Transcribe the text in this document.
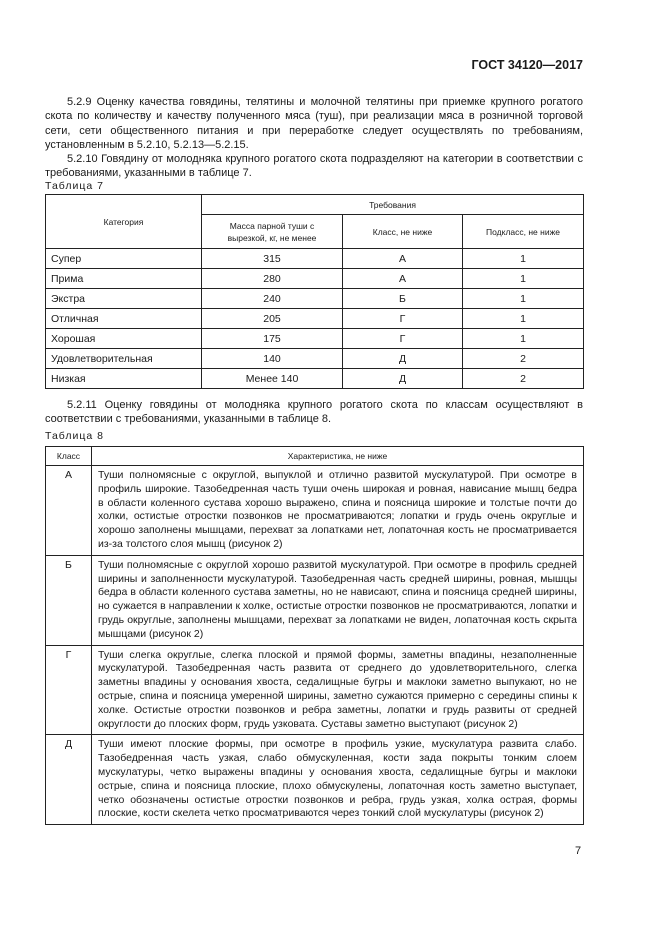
ГОСТ 34120—2017

5.2.9 Оценку качества говядины, телятины и молочной телятины при приемке крупного рогатого скота по количеству и качеству полученного мяса (туш), при реализации мяса в розничной торговой сети, сети общественного питания и при переработке следует осуществлять по требованиям, установленным в 5.2.10, 5.2.13—5.2.15.

5.2.10 Говядину от молодняка крупного рогатого скота подразделяют на категории в соответствии с требованиями, указанными в таблице 7.

Таблица 7
Категория	Требования		
	Масса парной туши с вырезкой, кг, не менее	Класс, не ниже	Подкласс, не ниже
Супер	315	А	1
Прима	280	А	1
Экстра	240	Б	1
Отличная	205	Г	1
Хорошая	175	Г	1
Удовлетворительная	140	Д	2
Низкая	Менее 140	Д	2

5.2.11 Оценку говядины от молодняка крупного рогатого скота по классам осуществляют в соответствии с требованиями, указанными в таблице 8.

Таблица 8
Класс	Характеристика, не ниже
А	Туши полномясные с округлой, выпуклой и отлично развитой мускулатурой. При осмотре в профиль широкие. Тазобедренная часть туши очень широкая и ровная, нависание мышц бедра в области коленного сустава хорошо выражено, спина и поясница широкие и толстые почти до холки, остистые отростки позвонков не просматриваются; лопатки и грудь очень округлые и хорошо заполнены мышцами, перехват за лопатками нет, лопаточная кость не просматривается из-за толстого слоя мышц (рисунок 2)
Б	Туши полномясные с округлой хорошо развитой мускулатурой. При осмотре в профиль средней ширины и заполненности мускулатурой. Тазобедренная часть средней ширины, ровная, мышцы бедра в области коленного сустава заметны, но не нависают, спина и поясница средней ширины, но сужается в направлении к холке, остистые отростки позвонков не просматриваются, лопатки и грудь округлые, заполнены мышцами, перехват за лопатками не виден, лопаточная кость скрыта мышцами (рисунок 2)
Г	Туши слегка округлые, слегка плоской и прямой формы, заметны впадины, незаполненные мускулатурой. Тазобедренная часть развита от среднего до удовлетворительного, слегка заметны впадины у основания хвоста, седалищные бугры и маклоки заметно выпукают, но не острые, спина и поясница умеренной ширины, заметно сужаются примерно с середины спины к холке. Остистые отростки позвонков и ребра заметны, лопатки и грудь развиты от средней округлости до плоских форм, грудь узковата. Суставы заметно выступают (рисунок 2)
Д	Туши имеют плоские формы, при осмотре в профиль узкие, мускулатура развита слабо. Тазобедренная часть узкая, слабо обмускуленная, кости зада покрыты тонким слоем мускулатуры, четко выражены впадины у основания хвоста, седалищные бугры и маклоки острые, спина и поясница плоские, плохо обмускулены, лопаточная кость заметно выступает, четко обозначены остистые отростки позвонков и ребра, грудь узкая, холка острая, формы плоские, кости скелета четко просматриваются через тонкий слой мускулатуры (рисунок 2)
7
